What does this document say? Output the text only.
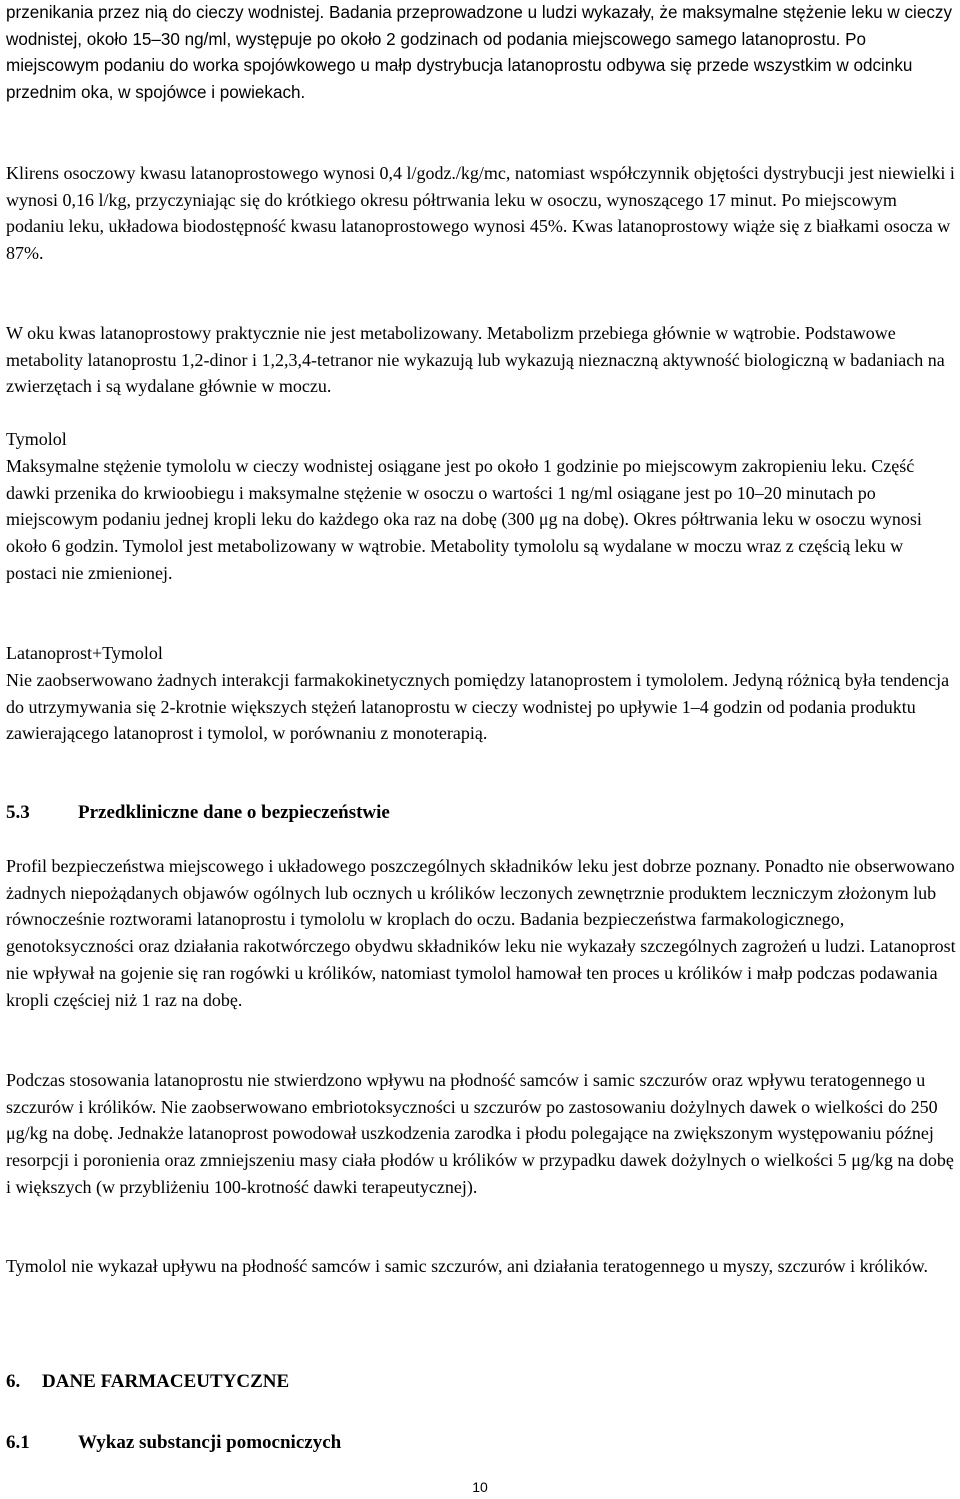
przenikania przez nią do cieczy wodnistej. Badania przeprowadzone u ludzi wykazały, że maksymalne stężenie leku w cieczy wodnistej, około 15–30 ng/ml, występuje po około 2 godzinach od podania miejscowego samego latanoprostu. Po miejscowym podaniu do worka spojówkowego u małp dystrybucja latanoprostu odbywa się przede wszystkim w odcinku przednim oka, w spojówce i powiekach.

Klirens osoczowy kwasu latanoprostowego wynosi 0,4 l/godz./kg/mc, natomiast współczynnik objętości dystrybucji jest niewielki i wynosi 0,16 l/kg, przyczyniając się do krótkiego okresu półtrwania leku w osoczu, wynoszącego 17 minut. Po miejscowym podaniu leku, układowa biodostępność kwasu latanoprostowego wynosi 45%. Kwas latanoprostowy wiąże się z białkami osocza w 87%.

W oku kwas latanoprostowy praktycznie nie jest metabolizowany. Metabolizm przebiega głównie w wątrobie. Podstawowe metabolity latanoprostu 1,2-dinor i 1,2,3,4-tetranor nie wykazują lub wykazują nieznaczną aktywność biologiczną w badaniach na zwierzętach i są wydalane głównie w moczu.

Tymolol

Maksymalne stężenie tymololu w cieczy wodnistej osiągane jest po około 1 godzinie po miejscowym zakropieniu leku. Część dawki przenika do krwioobiegu i maksymalne stężenie w osoczu o wartości 1 ng/ml osiągane jest po 10–20 minutach po miejscowym podaniu jednej kropli leku do każdego oka raz na dobę (300 μg na dobę). Okres półtrwania leku w osoczu wynosi około 6 godzin. Tymolol jest metabolizowany w wątrobie. Metabolity tymololu są wydalane w moczu wraz z częścią leku w postaci nie zmienionej.

Latanoprost+Tymolol

Nie zaobserwowano żadnych interakcji farmakokinetycznych pomiędzy latanoprostem i tymololem. Jedyną różnicą była tendencja do utrzymywania się 2-krotnie większych stężeń latanoprostu w cieczy wodnistej po upływie 1–4 godzin od podania produktu zawierającego latanoprost i tymolol, w porównaniu z monoterapią.

5.3	Przedkliniczne dane o bezpieczeństwie

Profil bezpieczeństwa miejscowego i układowego poszczególnych składników leku jest dobrze poznany. Ponadto nie obserwowano żadnych niepożądanych objawów ogólnych lub ocznych u królików leczonych zewnętrznie produktem leczniczym złożonym lub równocześnie roztworami latanoprostu i tymololu w kroplach do oczu. Badania bezpieczeństwa farmakologicznego, genotoksyczności oraz działania rakotwórczego obydwu składników leku nie wykazały szczególnych zagrożeń u ludzi. Latanoprost nie wpływał na gojenie się ran rogówki u królików, natomiast tymolol hamował ten proces u królików i małp podczas podawania kropli częściej niż 1 raz na dobę.

Podczas stosowania latanoprostu nie stwierdzono wpływu na płodność samców i samic szczurów oraz wpływu teratogennego u szczurów i królików. Nie zaobserwowano embriotoksyczności u szczurów po zastosowaniu dożylnych dawek o wielkości do 250 μg/kg na dobę. Jednakże latanoprost powodował uszkodzenia zarodka i płodu polegające na zwiększonym występowaniu późnej resorpcji i poronienia oraz zmniejszeniu masy ciała płodów u królików w przypadku dawek dożylnych o wielkości 5 μg/kg na dobę i większych (w przybliżeniu 100-krotność dawki terapeutycznej).

Tymolol nie wykazał upływu na płodność samców i samic szczurów, ani działania teratogennego u myszy, szczurów i królików.

6. DANE FARMACEUTYCZNE
6.1	Wykaz substancji pomocniczych
10
